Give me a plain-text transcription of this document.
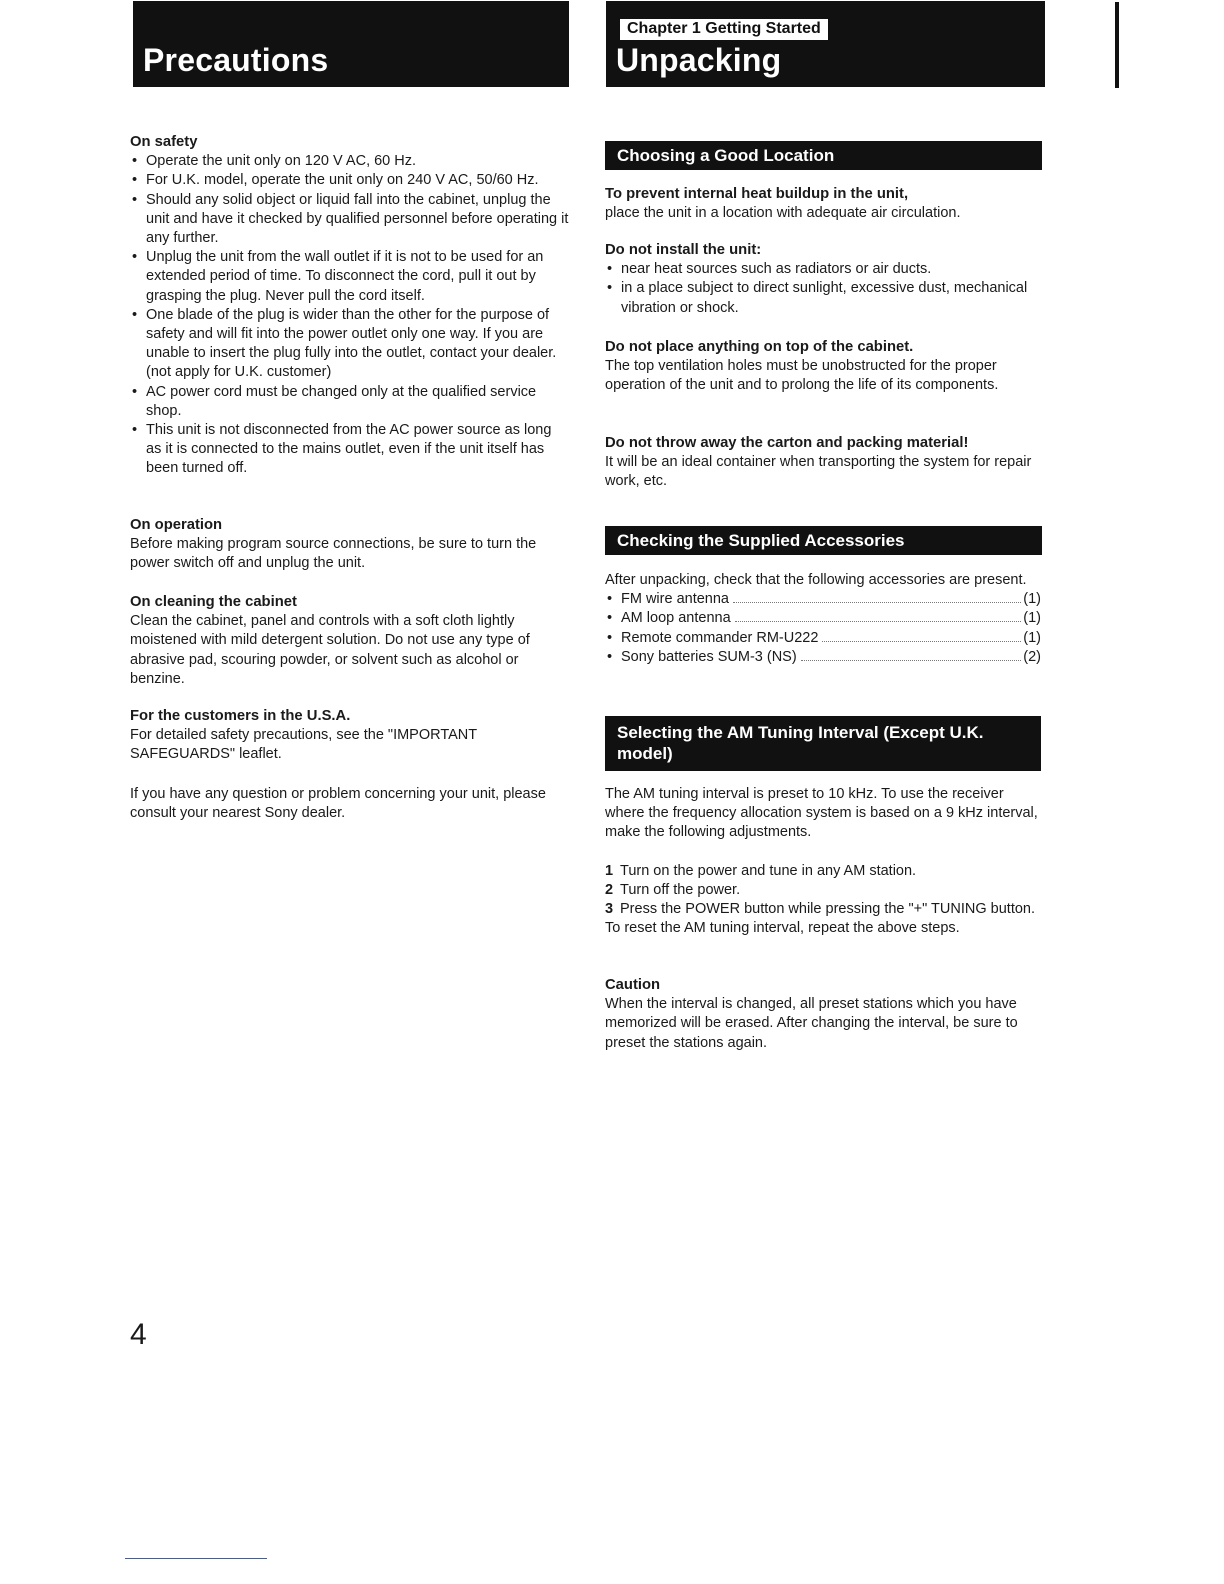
Precautions
Chapter 1 Getting Started
Unpacking

On safety

• Operate the unit only on 120 V AC, 60 Hz.
• For U.K. model, operate the unit only on 240 V AC, 50/60 Hz.
• Should any solid object or liquid fall into the cabinet, unplug the unit and have it checked by qualified personnel before operating it any further.
• Unplug the unit from the wall outlet if it is not to be used for an extended period of time. To disconnect the cord, pull it out by grasping the plug. Never pull the cord itself.
• One blade of the plug is wider than the other for the purpose of safety and will fit into the power outlet only one way. If you are unable to insert the plug fully into the outlet, contact your dealer. (not apply for U.K. customer)
• AC power cord must be changed only at the qualified service shop.
• This unit is not disconnected from the AC power source as long as it is connected to the mains outlet, even if the unit itself has been turned off.

On operation

Before making program source connections, be sure to turn the power switch off and unplug the unit.

On cleaning the cabinet

Clean the cabinet, panel and controls with a soft cloth lightly moistened with mild detergent solution. Do not use any type of abrasive pad, scouring powder, or solvent such as alcohol or benzine.

For the customers in the U.S.A.

For detailed safety precautions, see the "IMPORTANT SAFEGUARDS" leaflet.

If you have any question or problem concerning your unit, please consult your nearest Sony dealer.

Choosing a Good Location

To prevent internal heat buildup in the unit,

place the unit in a location with adequate air circulation.

Do not install the unit:

• near heat sources such as radiators or air ducts.
• in a place subject to direct sunlight, excessive dust, mechanical vibration or shock.

Do not place anything on top of the cabinet.

The top ventilation holes must be unobstructed for the proper operation of the unit and to prolong the life of its components.

Do not throw away the carton and packing material!

It will be an ideal container when transporting the system for repair work, etc.

Checking the Supplied Accessories

After unpacking, check that the following accessories are present.

• FM wire antenna	(1)
• AM loop antenna	(1)
• Remote commander RM-U222	(1)
• Sony batteries SUM-3 (NS)	(2)
Selecting the AM Tuning Interval (Except U.K. model)

The AM tuning interval is preset to 10 kHz. To use the receiver where the frequency allocation system is based on a 9 kHz interval, make the following adjustments.

1 Turn on the power and tune in any AM station.
2 Turn off the power.
3 Press the POWER button while pressing the "+" TUNING button.

To reset the AM tuning interval, repeat the above steps.

Caution

When the interval is changed, all preset stations which you have memorized will be erased. After changing the interval, be sure to preset the stations again.

4
